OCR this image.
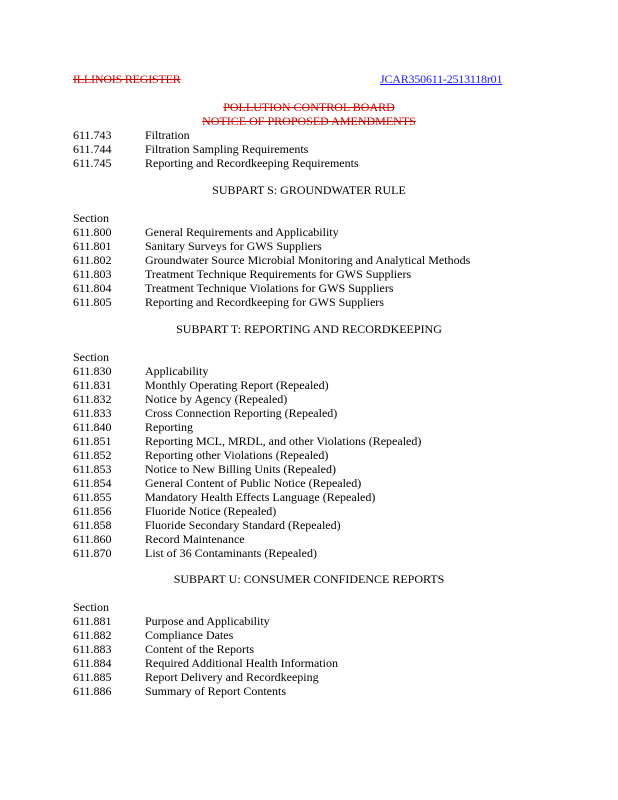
ILLINOIS REGISTER	JCAR350611-2513118r01
POLLUTION CONTROL BOARD
NOTICE OF PROPOSED AMENDMENTS
611.743	Filtration
611.744	Filtration Sampling Requirements
611.745	Reporting and Recordkeeping Requirements
SUBPART S: GROUNDWATER RULE
Section
611.800	General Requirements and Applicability
611.801	Sanitary Surveys for GWS Suppliers
611.802	Groundwater Source Microbial Monitoring and Analytical Methods
611.803	Treatment Technique Requirements for GWS Suppliers
611.804	Treatment Technique Violations for GWS Suppliers
611.805	Reporting and Recordkeeping for GWS Suppliers
SUBPART T: REPORTING AND RECORDKEEPING
Section
611.830	Applicability
611.831	Monthly Operating Report (Repealed)
611.832	Notice by Agency (Repealed)
611.833	Cross Connection Reporting (Repealed)
611.840	Reporting
611.851	Reporting MCL, MRDL, and other Violations (Repealed)
611.852	Reporting other Violations (Repealed)
611.853	Notice to New Billing Units (Repealed)
611.854	General Content of Public Notice (Repealed)
611.855	Mandatory Health Effects Language (Repealed)
611.856	Fluoride Notice (Repealed)
611.858	Fluoride Secondary Standard (Repealed)
611.860	Record Maintenance
611.870	List of 36 Contaminants (Repealed)
SUBPART U: CONSUMER CONFIDENCE REPORTS
Section
611.881	Purpose and Applicability
611.882	Compliance Dates
611.883	Content of the Reports
611.884	Required Additional Health Information
611.885	Report Delivery and Recordkeeping
611.886	Summary of Report Contents
